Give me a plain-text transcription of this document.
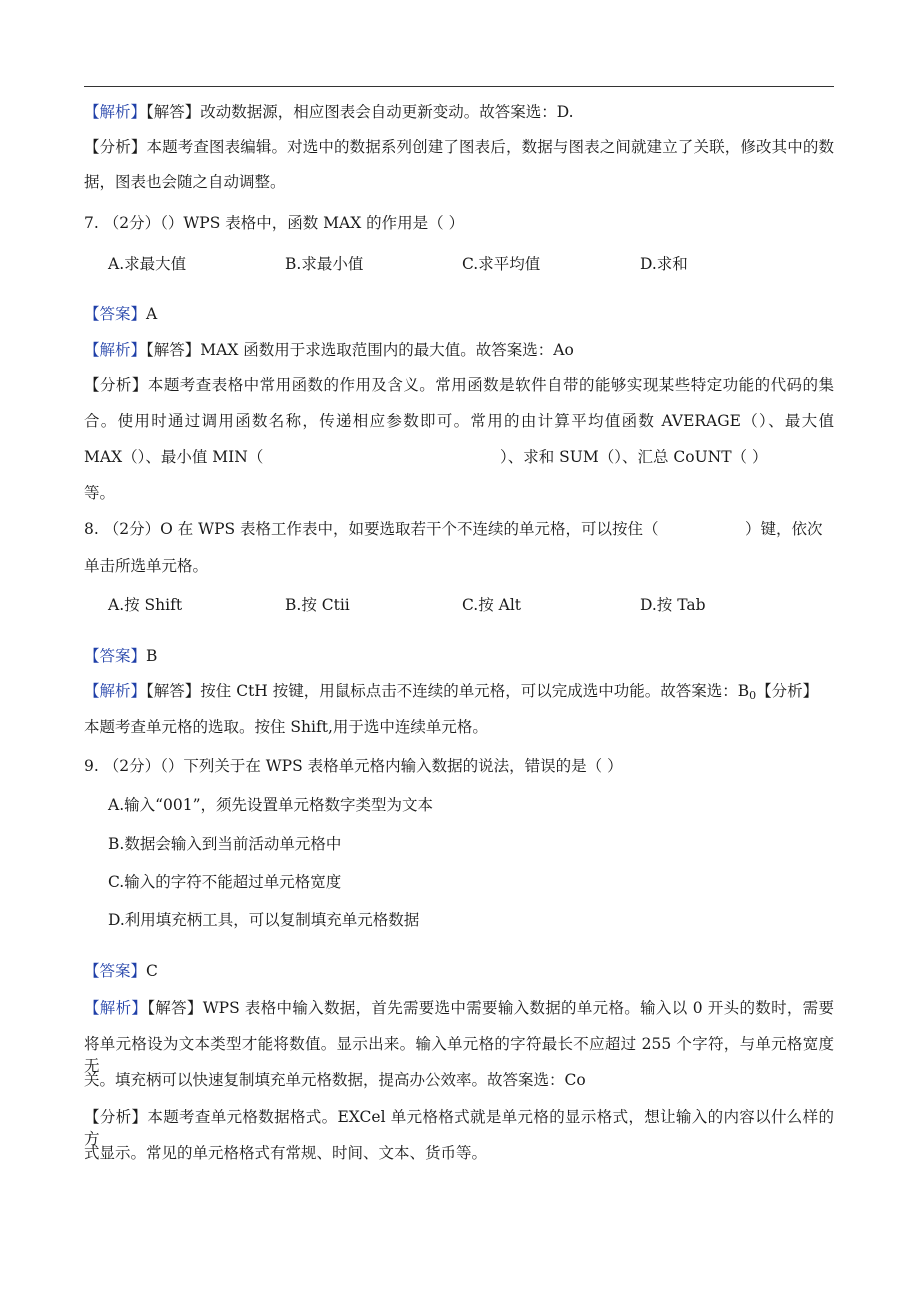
【解析】【解答】改动数据源，相应图表会自动更新变动。故答案选：D.
【分析】本题考查图表编辑。对选中的数据系列创建了图表后，数据与图表之间就建立了关联，修改其中的数
据，图表也会随之自动调整。
7. （2分）（）WPS 表格中，函数 MAX 的作用是（ ）
A.求最大值	B.求最小值	C.求平均值	D.求和
【答案】A
【解析】【解答】MAX 函数用于求选取范围内的最大值。故答案选：Ao
【分析】本题考查表格中常用函数的作用及含义。常用函数是软件自带的能够实现某些特定功能的代码的集
合。使用时通过调用函数名称，传递相应参数即可。常用的由计算平均值函数 AVERAGE（）、最大值
MAX（）、最小值 MIN（	）、求和 SUM（）、汇总 CoUNT（ ）
等。
8. （2分）O 在 WPS 表格工作表中，如要选取若干个不连续的单元格，可以按住（	）键，依次
单击所选单元格。
A.按 Shift	B.按 Ctii	C.按 Alt	D.按 Tab
【答案】B
【解析】【解答】按住 CtH 按键，用鼠标点击不连续的单元格，可以完成选中功能。故答案选：$B_0$【分析】
本题考查单元格的选取。按住 Shift,用于选中连续单元格。
9. （2分）（）下列关于在 WPS 表格单元格内输入数据的说法，错误的是（ ）
A.输入“001”，须先设置单元格数字类型为文本
B.数据会输入到当前活动单元格中
C.输入的字符不能超过单元格宽度
D.利用填充柄工具，可以复制填充单元格数据
【答案】C
【解析】【解答】WPS 表格中输入数据，首先需要选中需要输入数据的单元格。输入以 0 开头的数时，需要
将单元格设为文本类型才能将数值。显示出来。输入单元格的字符最长不应超过 255 个字符，与单元格宽度无
关。填充柄可以快速复制填充单元格数据，提高办公效率。故答案选：Co
【分析】本题考查单元格数据格式。EXCel 单元格格式就是单元格的显示格式，想让输入的内容以什么样的方
式显示。常见的单元格格式有常规、时间、文本、货币等。
